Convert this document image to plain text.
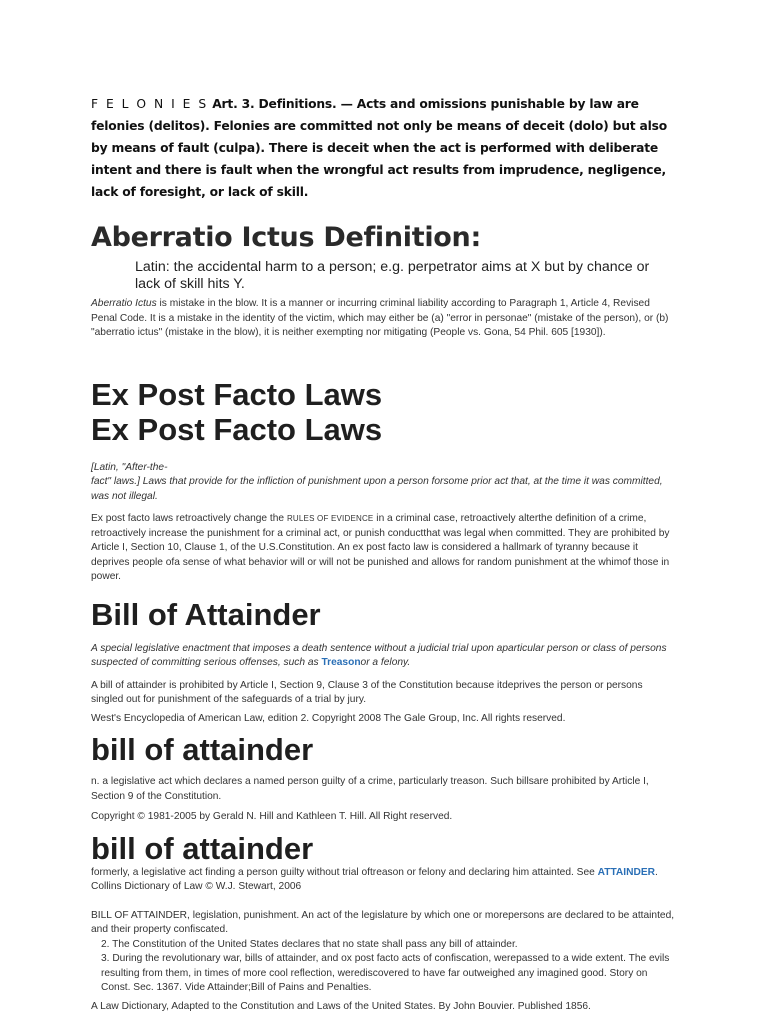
F E L O N I E S Art. 3. Definitions. — Acts and omissions punishable by law are felonies (delitos). Felonies are committed not only be means of deceit (dolo) but also by means of fault (culpa). There is deceit when the act is performed with deliberate intent and there is fault when the wrongful act results from imprudence, negligence, lack of foresight, or lack of skill.

Aberratio Ictus Definition:

Latin: the accidental harm to a person; e.g. perpetrator aims at X but by chance or lack of skill hits Y.

Aberratio Ictus is mistake in the blow. It is a manner or incurring criminal liability according to Paragraph 1, Article 4, Revised Penal Code. It is a mistake in the identity of the victim, which may either be (a) "error in personae" (mistake of the person), or (b) "aberratio ictus" (mistake in the blow), it is neither exempting nor mitigating (People vs. Gona, 54 Phil. 605 [1930]).

Ex Post Facto Laws
Ex Post Facto Laws

[Latin, "After-the-
fact" laws.] Laws that provide for the infliction of punishment upon a person forsome prior act that, at the time it was committed, was not illegal.

Ex post facto laws retroactively change the RULES OF EVIDENCE in a criminal case, retroactively alterthe definition of a crime, retroactively increase the punishment for a criminal act, or punish conductthat was legal when committed. They are prohibited by Article I, Section 10, Clause 1, of the U.S.Constitution. An ex post facto law is considered a hallmark of tyranny because it deprives people ofa sense of what behavior will or will not be punished and allows for random punishment at the whimof those in power.

Bill of Attainder

A special legislative enactment that imposes a death sentence without a judicial trial upon aparticular person or class of persons suspected of committing serious offenses, such as Treasonor a felony.

A bill of attainder is prohibited by Article I, Section 9, Clause 3 of the Constitution because itdeprives the person or persons singled out for punishment of the safeguards of a trial by jury.

West's Encyclopedia of American Law, edition 2. Copyright 2008 The Gale Group, Inc. All rights reserved.

bill of attainder

n. a legislative act which declares a named person guilty of a crime, particularly treason. Such billsare prohibited by Article I, Section 9 of the Constitution.

Copyright © 1981-2005 by Gerald N. Hill and Kathleen T. Hill. All Right reserved.

bill of attainder

formerly, a legislative act finding a person guilty without trial oftreason or felony and declaring him attainted. See ATTAINDER.

Collins Dictionary of Law © W.J. Stewart, 2006

BILL OF ATTAINDER, legislation, punishment. An act of the legislature by which one or morepersons are declared to be attainted, and their property confiscated.

2. The Constitution of the United States declares that no state shall pass any bill of attainder.

3. During the revolutionary war, bills of attainder, and ox post facto acts of confiscation, werepassed to a wide extent. The evils resulting from them, in times of more cool reflection, werediscovered to have far outweighed any imagined good. Story on Const. Sec. 1367. Vide Attainder;Bill of Pains and Penalties.

A Law Dictionary, Adapted to the Constitution and Laws of the United States. By John Bouvier. Published 1856.
